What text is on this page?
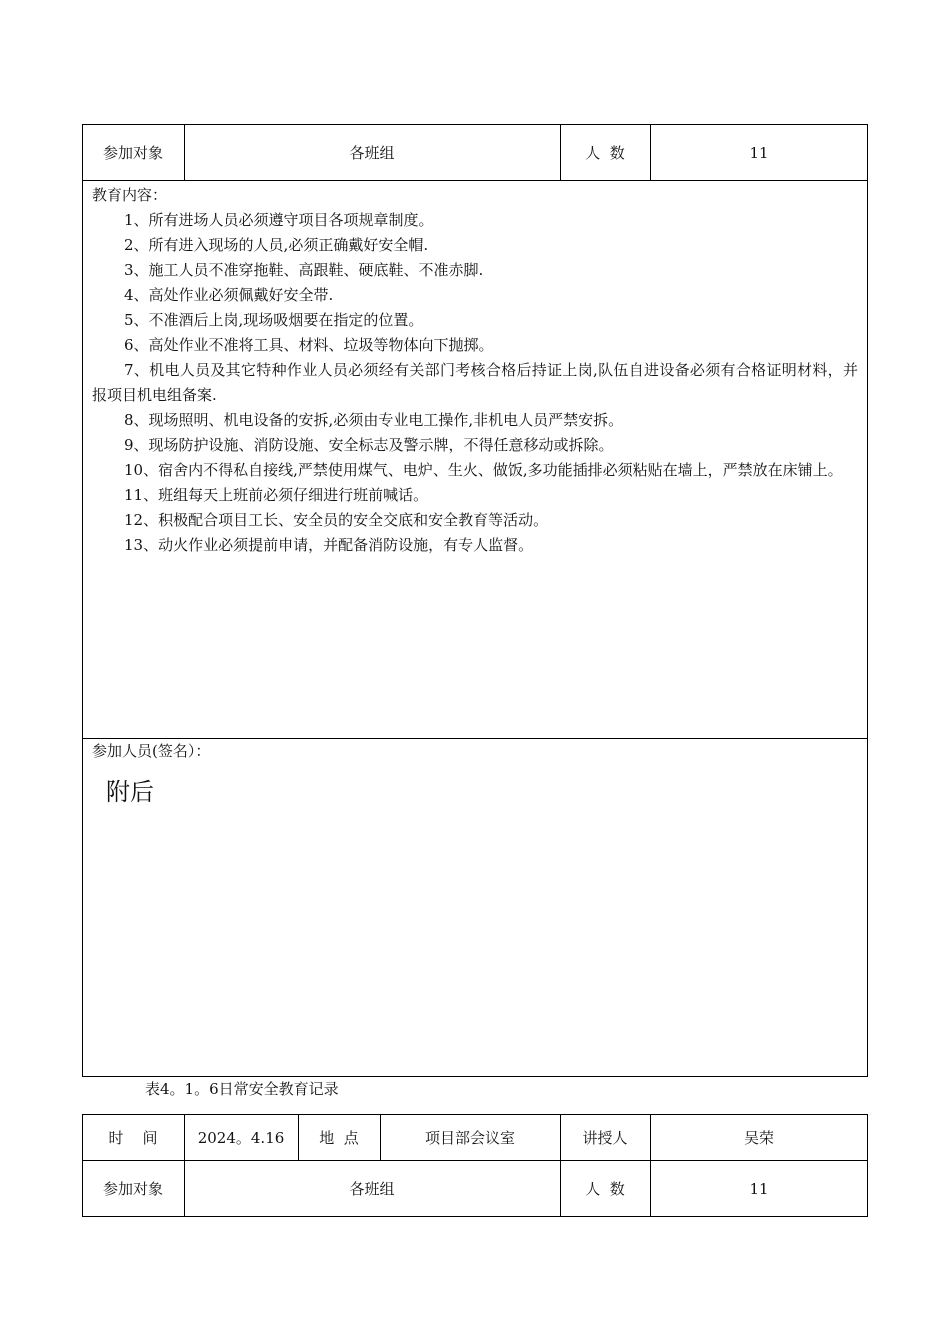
参加对象	各班组	人  数	11

教育内容：

1、所有进场人员必须遵守项目各项规章制度。

2、所有进入现场的人员,必须正确戴好安全帽.

3、施工人员不准穿拖鞋、高跟鞋、硬底鞋、不准赤脚.

4、高处作业必须佩戴好安全带.

5、不准酒后上岗,现场吸烟要在指定的位置。

6、高处作业不准将工具、材料、垃圾等物体向下抛掷。

7、机电人员及其它特种作业人员必须经有关部门考核合格后持证上岗,队伍自进设备必须有合格证明材料，并报项目机电组备案.

8、现场照明、机电设备的安拆,必须由专业电工操作,非机电人员严禁安拆。

9、现场防护设施、消防设施、安全标志及警示牌，不得任意移动或拆除。

10、宿舍内不得私自接线,严禁使用煤气、电炉、生火、做饭,多功能插排必须粘贴在墙上，严禁放在床铺上。

11、班组每天上班前必须仔细进行班前喊话。

12、积极配合项目工长、安全员的安全交底和安全教育等活动。

13、动火作业必须提前申请，并配备消防设施，有专人监督。

参加人员(签名）：
附后
表4。1。6日常安全教育记录
时    间	2024。4.16	地  点	项目部会议室	讲授人	吴荣
参加对象	各班组	人  数	11
